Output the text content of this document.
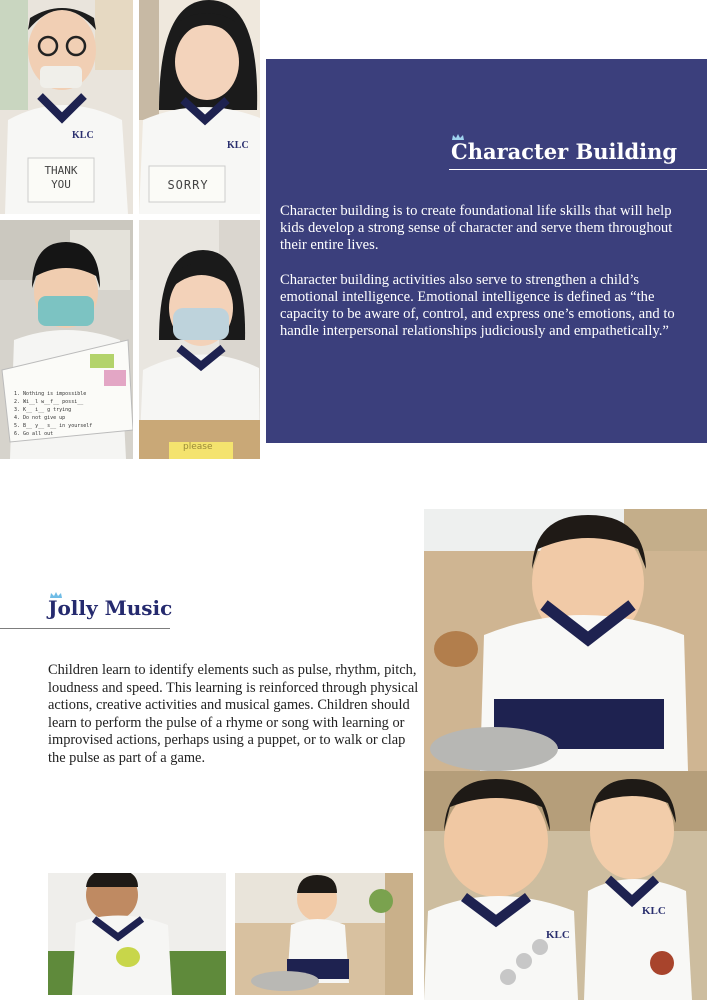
THANK YOU
KLC
SORRY
KLC
1. Nothing is impossible
2. Wi__l w__f__ possi__
3. K__ i__ g trying
4. Do not give up
5. B__ y__ s__ in yourself
6. Go all out
please
Character Building

Character building is to create foundational life skills that will help kids develop a strong sense of character and serve them throughout their entire lives.

Character building activities also serve to strengthen a child’s emotional intelligence. Emotional intelligence is defined as “the capacity to be aware of, control, and express one’s emotions, and to handle interpersonal relationships judiciously and empathetically.”

Jolly Music

Children learn to identify elements such as pulse, rhythm, pitch, loudness and speed. This learning is reinforced through physical actions, creative activities and musical games. Children should learn to perform the pulse of a rhyme or song with learning or improvised actions, perhaps using a puppet, or to walk or clap the pulse as part of a game.

KLC
KLC
